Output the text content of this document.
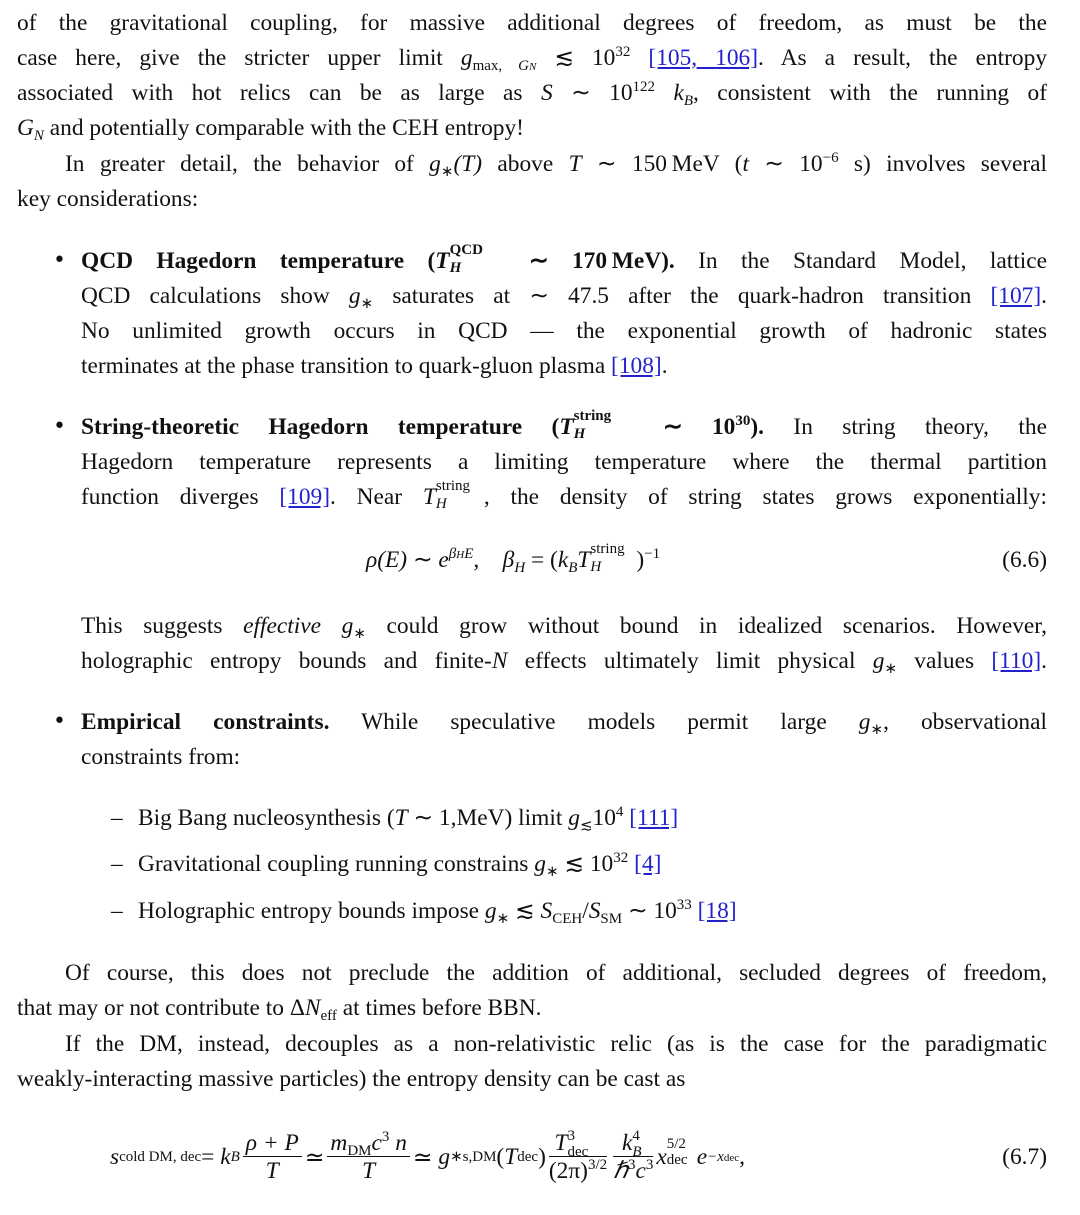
of the gravitational coupling, for massive additional degrees of freedom, as must be the
case here, give the stricter upper limit $g_{max, GN}$ ≲ $10^{32}$ [105, 106]. As a result, the entropy
associated with hot relics can be as large as S ∼ $10^{122}$ $k_B$, consistent with the running of
$G_N$ and potentially comparable with the CEH entropy!
In greater detail, the behavior of $g_∗(T)$ above T ∼ 150 MeV (t ∼ $10^{-6}$ s) involves several
key considerations:
• QCD Hagedorn temperature (T QCD
H ∼ 170 MeV). In the Standard Model, lattice
QCD calculations show $g_∗$ saturates at ∼ 47.5 after the quark-hadron transition [107].
No unlimited growth occurs in QCD — the exponential growth of hadronic states
terminates at the phase transition to quark-gluon plasma [108].
• String-theoretic Hagedorn temperature (T string
H ∼ $10^{30}$). In string theory, the
Hagedorn temperature represents a limiting temperature where the thermal partition
function diverges [109]. Near T string
H , the density of string states grows exponentially:
ρ(E) ∼ $e^{\beta HE}$, $\beta_H = (k_BT$ string
H )$^{-1}$	(6.6)
This suggests effective $g_∗$ could grow without bound in idealized scenarios. However,
holographic entropy bounds and finite-N effects ultimately limit physical $g_∗$ values [110].
• Empirical constraints. While speculative models permit large $g_∗$, observational
constraints from:
– Big Bang nucleosynthesis (T ∼ 1,MeV) limit $g_≲10^4$ [111]
– Gravitational coupling running constrains $g_∗$ ≲ $10^{32}$ [4]
– Holographic entropy bounds impose $g_∗$ ≲ $S_{CEH}/S_{SM}$ ∼ $10^{33}$ [18]
Of course, this does not preclude the addition of additional, secluded degrees of freedom,
that may or not contribute to $\Delta N_{eff}$ at times before BBN.
If the DM, instead, decouples as a non-relativistic relic (as is the case for the paradigmatic
weakly-interacting massive particles) the entropy density can be cast as
s cold DM, dec =
k B $\frac{\rho + P}{T}$ ≃ $\frac{m_{DM}c^3 n}{T}$ ≃
g ∗s,DM ( T dec ) T 3
dec
$(2\pi)^{3/2}$ k 4
B
$\hbar^3c^3$ x 5/2
dec e −xdec ,	(6.7)
